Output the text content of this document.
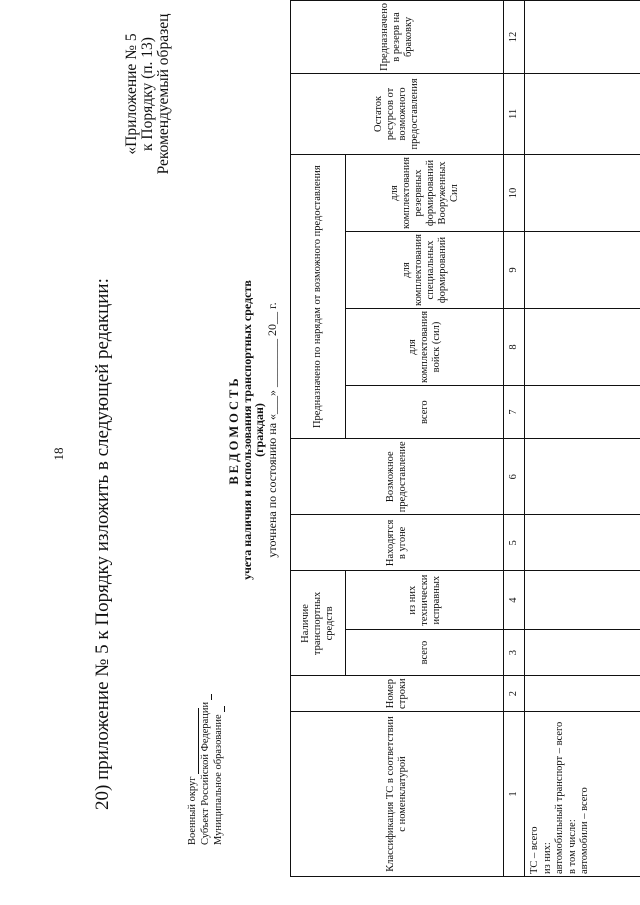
18 20) приложение № 5 к Порядку изложить в следующей редакции:
«Приложение № 5 к Порядку (п. 13) Рекомендуемый образец
Военный округ Субъект Российской Федерации Муниципальное образование
ВЕДОМОСТЬ
учета наличия и использования транспортных средств (граждан)
уточнена по состоянию на «___» ________ 20__ г.
Классификация ТС в соответствии с номенклатурой	Номер строки	Наличие транспортных средств		Находятся в угоне	Возможное предоставление	Предназначено по нарядам от возможного предоставления				Остаток ресурсов от возможного предоставления	Предназначено в резерв на браковку
		всего	из них технически исправных			всего	для комплектования войск (сил)	для комплектования специальных формирований	для комплектования резервных формирований Вооруженных Сил		
1	2	3	4	5	6	7	8	9	10	11	12

ТС – всего из них: автомобильный транспорт – всего в том числе: автомобили – всего											
